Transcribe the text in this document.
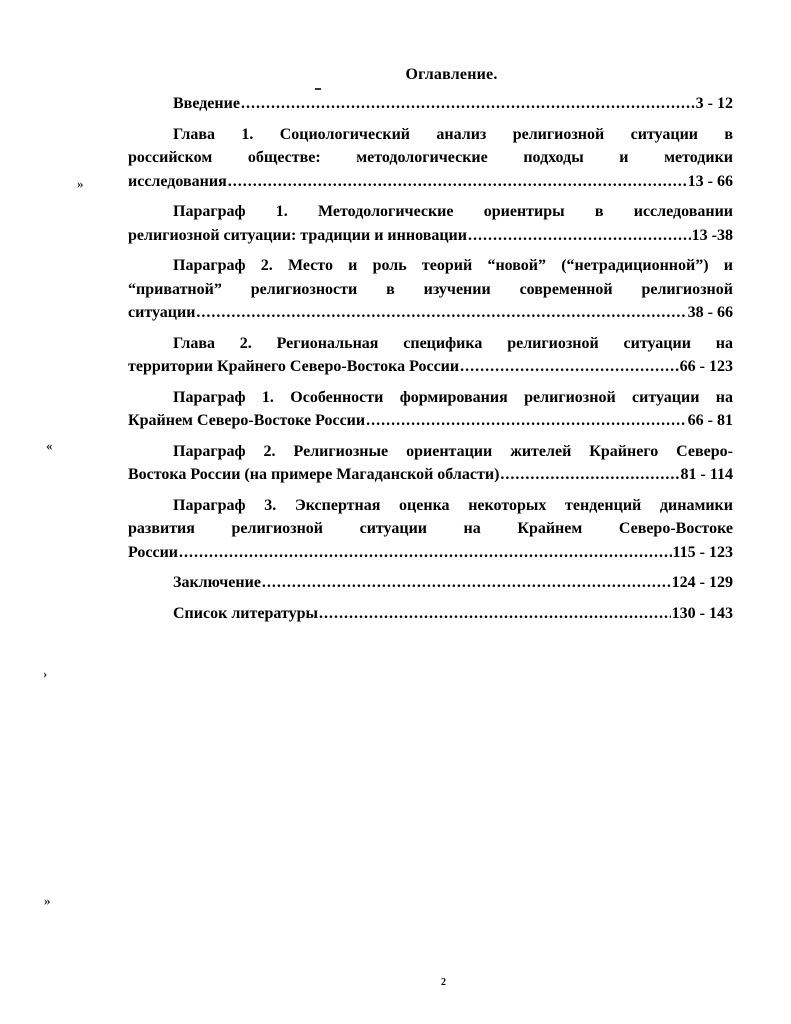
Оглавление.
Введение .....	3 - 12
Глава 1. Социологический анализ религиозной ситуации в
российском обществе: методологические подходы и методики
исследования .....	13 - 66
Параграф 1. Методологические ориентиры в исследовании
религиозной ситуации: традиции и инновации .....	13 -38
Параграф 2. Место и роль теорий “новой” (“нетрадиционной”) и
“приватной” религиозности в изучении современной религиозной
ситуации .....	38 - 66
Глава 2. Региональная специфика религиозной ситуации на
территории Крайнего Северо-Востока России .....	66 - 123
Параграф 1. Особенности формирования религиозной ситуации на
Крайнем Северо-Востоке России .....	66 - 81
Параграф 2. Религиозные ориентации жителей Крайнего Северо-
Востока России (на примере Магаданской области) .....	81 - 114
Параграф 3. Экспертная оценка некоторых тенденций динамики
развития религиозной ситуации на Крайнем Северо-Востоке
России .....	115 - 123
Заключение .....	124 - 129
Список литературы .....	130 - 143
»
«
›
»
2
